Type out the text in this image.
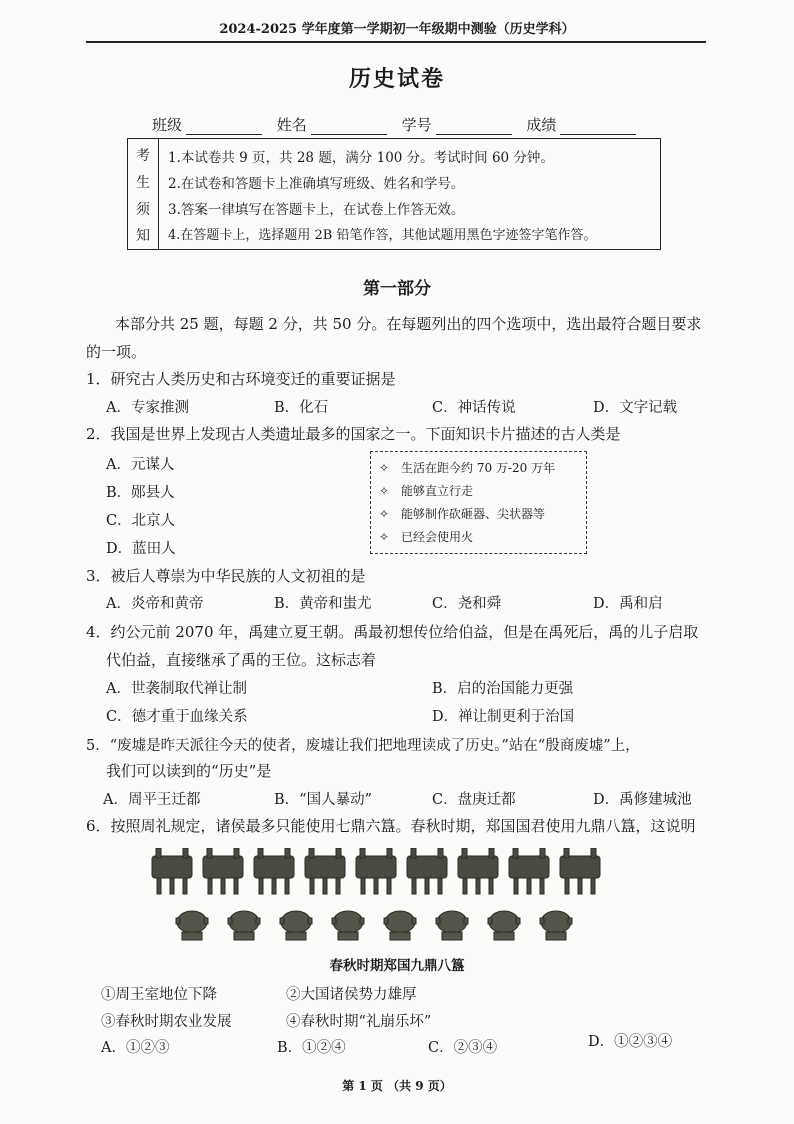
2024-2025 学年度第一学期初一年级期中测验（历史学科）
历史试卷
班级	姓名	学号	成绩
考
生
须
知
1.本试卷共 9 页，共 28 题，满分 100 分。考试时间 60 分钟。
2.在试卷和答题卡上准确填写班级、姓名和学号。
3.答案一律填写在答题卡上，在试卷上作答无效。
4.在答题卡上，选择题用 2B 铅笔作答，其他试题用黑色字迹签字笔作答。
第一部分
本部分共 25 题，每题 2 分，共 50 分。在每题列出的四个选项中，选出最符合题目要求
的一项。
1．研究古人类历史和古环境变迁的重要证据是
A．专家推测	B．化石	C．神话传说	D．文字记载
2．我国是世界上发现古人类遗址最多的国家之一。下面知识卡片描述的古人类是
A．元谋人
B．郧县人
C．北京人
D．蓝田人
✧　生活在距今约 70 万-20 万年
✧　能够直立行走
✧　能够制作砍砸器、尖状器等
✧　已经会使用火
3．被后人尊崇为中华民族的人文初祖的是
A．炎帝和黄帝	B．黄帝和蚩尤	C．尧和舜	D．禹和启
4．约公元前 2070 年，禹建立夏王朝。禹最初想传位给伯益，但是在禹死后，禹的儿子启取
代伯益，直接继承了禹的王位。这标志着
A．世袭制取代禅让制	B．启的治国能力更强
C．德才重于血缘关系	D．禅让制更利于治国
5．“废墟是昨天派往今天的使者，废墟让我们把地理读成了历史。”站在“殷商废墟”上，
我们可以读到的“历史”是
A．周平王迁都	B．“国人暴动”	C．盘庚迁都	D．禹修建城池
6．按照周礼规定，诸侯最多只能使用七鼎六簋。春秋时期，郑国国君使用九鼎八簋，这说明
春秋时期郑国九鼎八簋
①周王室地位下降	②大国诸侯势力雄厚
③春秋时期农业发展	④春秋时期“礼崩乐坏”
A．①②③	B．①②④	C．②③④	D．①②③④
第 1 页 （共 9 页）
